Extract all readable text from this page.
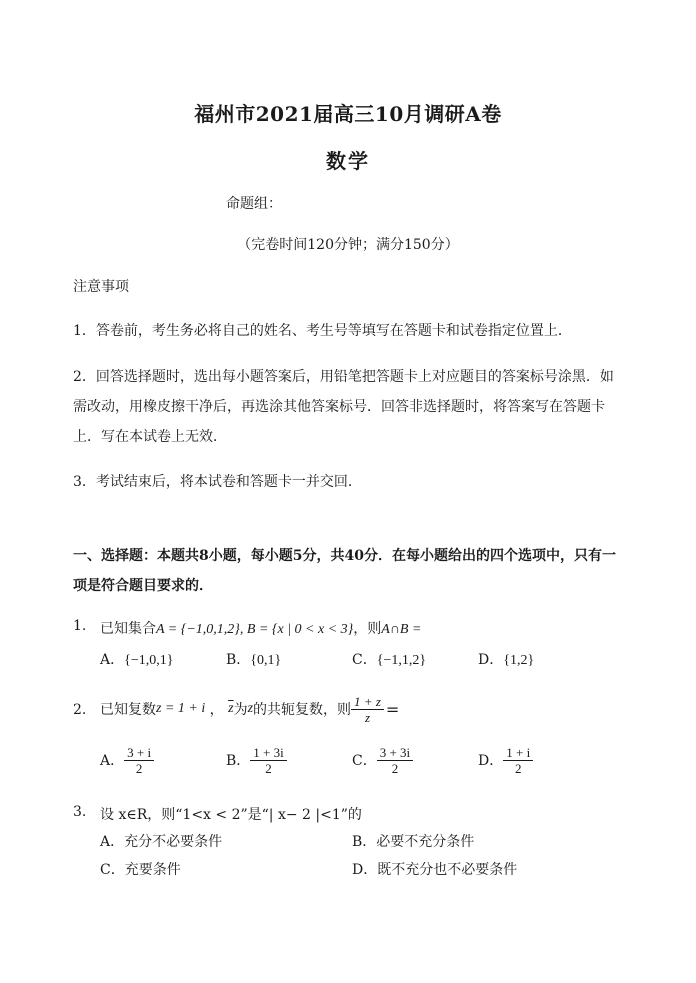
福州市2021届高三10月调研A卷
数学
命题组：
（完卷时间120分钟；满分150分）
注意事项
1．答卷前，考生务必将自己的姓名、考生号等填写在答题卡和试卷指定位置上．
2．回答选择题时，选出每小题答案后，用铅笔把答题卡上对应题目的答案标号涂黑．如
需改动，用橡皮擦干净后，再选涂其他答案标号．回答非选择题时，将答案写在答题卡
上．写在本试卷上无效．
3．考试结束后，将本试卷和答题卡一并交回．
一、选择题：本题共8小题，每小题5分，共40分．在每小题给出的四个选项中，只有一
项是符合题目要求的．
1. 已知集合A = {−1,0,1,2}, B = {x | 0 < x < 3}，则A∩B =
A．{−1,0,1}	B．{0,1}	C．{−1,1,2}	D．{1,2}
2. 已知复数 z = 1 + i ， $\overline{z}$ 为 z 的共轭复数，则 $\frac{1 + z}{z}$ =
A． $\frac{3 + i}{2}$	B． $\frac{1 + 3i}{2}$	C． $\frac{3 + 3i}{2}$	D． $\frac{1 + i}{2}$
3. 设 x∈R，则“1<x < 2”是“| x− 2 |<1”的
A．充分不必要条件	B．必要不充分条件
C．充要条件	D．既不充分也不必要条件
